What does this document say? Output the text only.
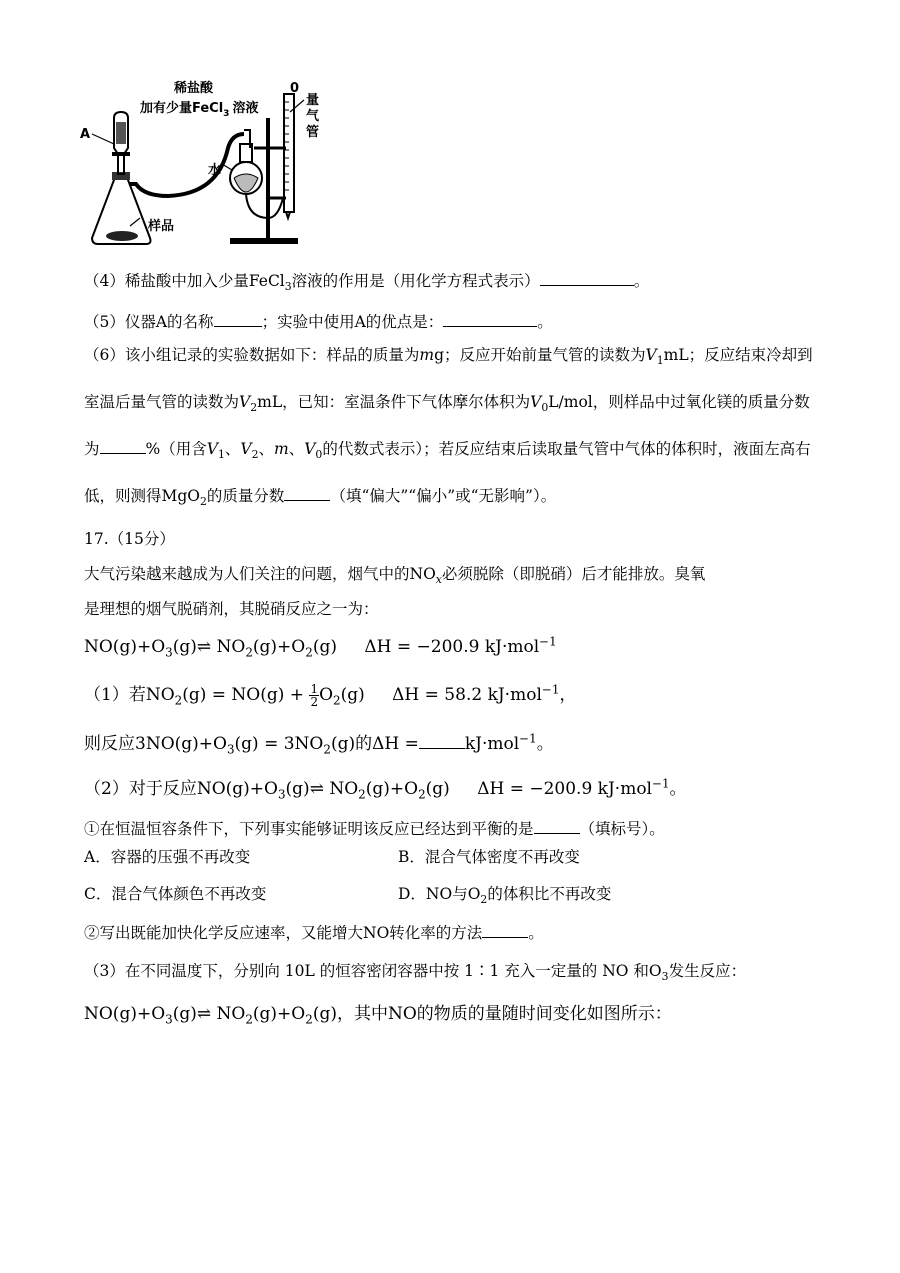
稀盐酸
加有少量FeCl$_3$ 溶液
A
样品
水
0
量
气
管
（4）稀盐酸中加入少量FeCl$_3$溶液的作用是（用化学方程式表示）	。
（5）仪器A的名称	；实验中使用A的优点是：	。
（6）该小组记录的实验数据如下：样品的质量为mg；反应开始前量气管的读数为$V_1mL$；反应结束冷却到
室温后量气管的读数为$V_2mL$，已知：室温条件下气体摩尔体积为$V_0L$/mol，则样品中过氧化镁的质量分数
为	%（用含$V_1$、$V_2$、m、$V_0$的代数式表示）；若反应结束后读取量气管中气体的体积时，液面左高右
低，则测得MgO$_2$的质量分数	（填“偏大”“偏小”或“无影响”）。
17.（15分）
大气污染越来越成为人们关注的问题，烟气中的$NO_x$必须脱除（即脱硝）后才能排放。臭氧
是理想的烟气脱硝剂，其脱硝反应之一为：
$NO(g)+O_3(g)\rightleftharpoons$ $NO_2(g)+O_2(g) \Delta H = -200.9$ kJ·mol$^{-1}$
（1）若$NO_2(g) = NO(g) + \frac{1}{2} O_2(g) \Delta H = 58.2$ kJ·mol$^{-1}$，
则反应$3NO(g)+O_3(g) = 3NO_2(g)$的ΔH =	kJ·mol$^{-1}$。
（2）对于反应$NO(g)+O_3(g)\rightleftharpoons$ $NO_2(g)+O_2(g) \Delta H = -200.9$ kJ·mol$^{-1}$。
①在恒温恒容条件下，下列事实能够证明该反应已经达到平衡的是	（填标号）。
A．容器的压强不再改变	B．混合气体密度不再改变
C．混合气体颜色不再改变	D．NO与$O_2$的体积比不再改变
②写出既能加快化学反应速率，又能增大NO转化率的方法	。
（3）在不同温度下，分别向 10L 的恒容密闭容器中按 1∶1 充入一定量的 NO 和$O_3$发生反应：
$NO(g)+O_3(g)\rightleftharpoons$ $NO_2(g)+O_2(g)$，其中NO的物质的量随时间变化如图所示：
